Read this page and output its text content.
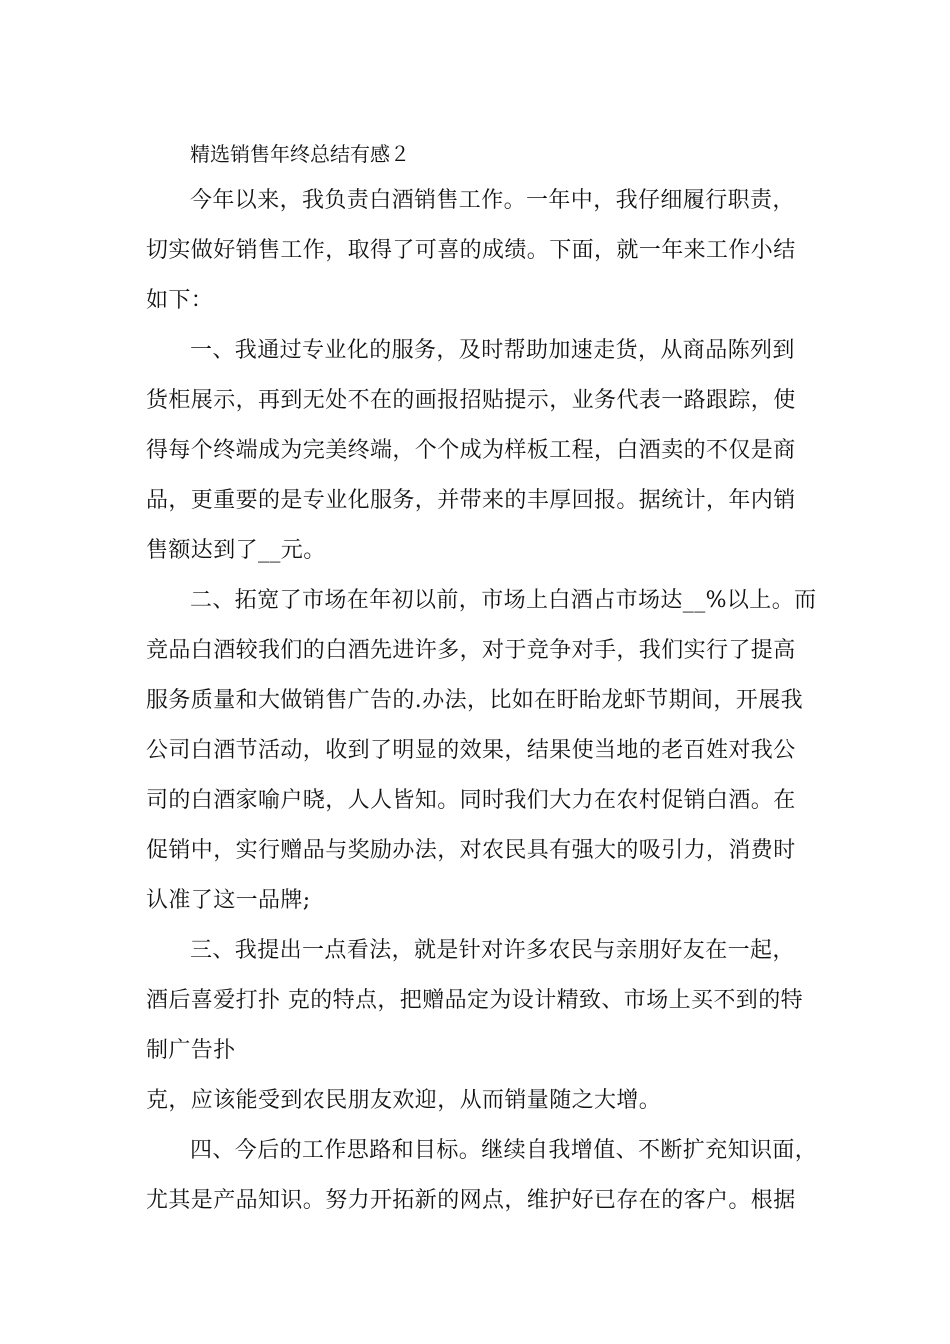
精选销售年终总结有感２
今年以来，我负责白酒销售工作。一年中，我仔细履行职责，
切实做好销售工作，取得了可喜的成绩。下面，就一年来工作小结
如下：
一、我通过专业化的服务，及时帮助加速走货，从商品陈列到
货柜展示，再到无处不在的画报招贴提示，业务代表一路跟踪，使
得每个终端成为完美终端，个个成为样板工程，白酒卖的不仅是商
品，更重要的是专业化服务，并带来的丰厚回报。据统计，年内销
售额达到了__元。
二、拓宽了市场在年初以前，市场上白酒占市场达__%以上。而
竞品白酒较我们的白酒先进许多，对于竞争对手，我们实行了提高
服务质量和大做销售广告的.办法，比如在盱眙龙虾节期间，开展我
公司白酒节活动，收到了明显的效果，结果使当地的老百姓对我公
司的白酒家喻户晓，人人皆知。同时我们大力在农村促销白酒。在
促销中，实行赠品与奖励办法，对农民具有强大的吸引力，消费时
认准了这一品牌;
三、我提出一点看法，就是针对许多农民与亲朋好友在一起，
酒后喜爱打扑 克的特点，把赠品定为设计精致、市场上买不到的特
制广告扑
克，应该能受到农民朋友欢迎，从而销量随之大增。
四、今后的工作思路和目标。继续自我增值、不断扩充知识面，
尤其是产品知识。努力开拓新的网点，维护好已存在的客户。根据
